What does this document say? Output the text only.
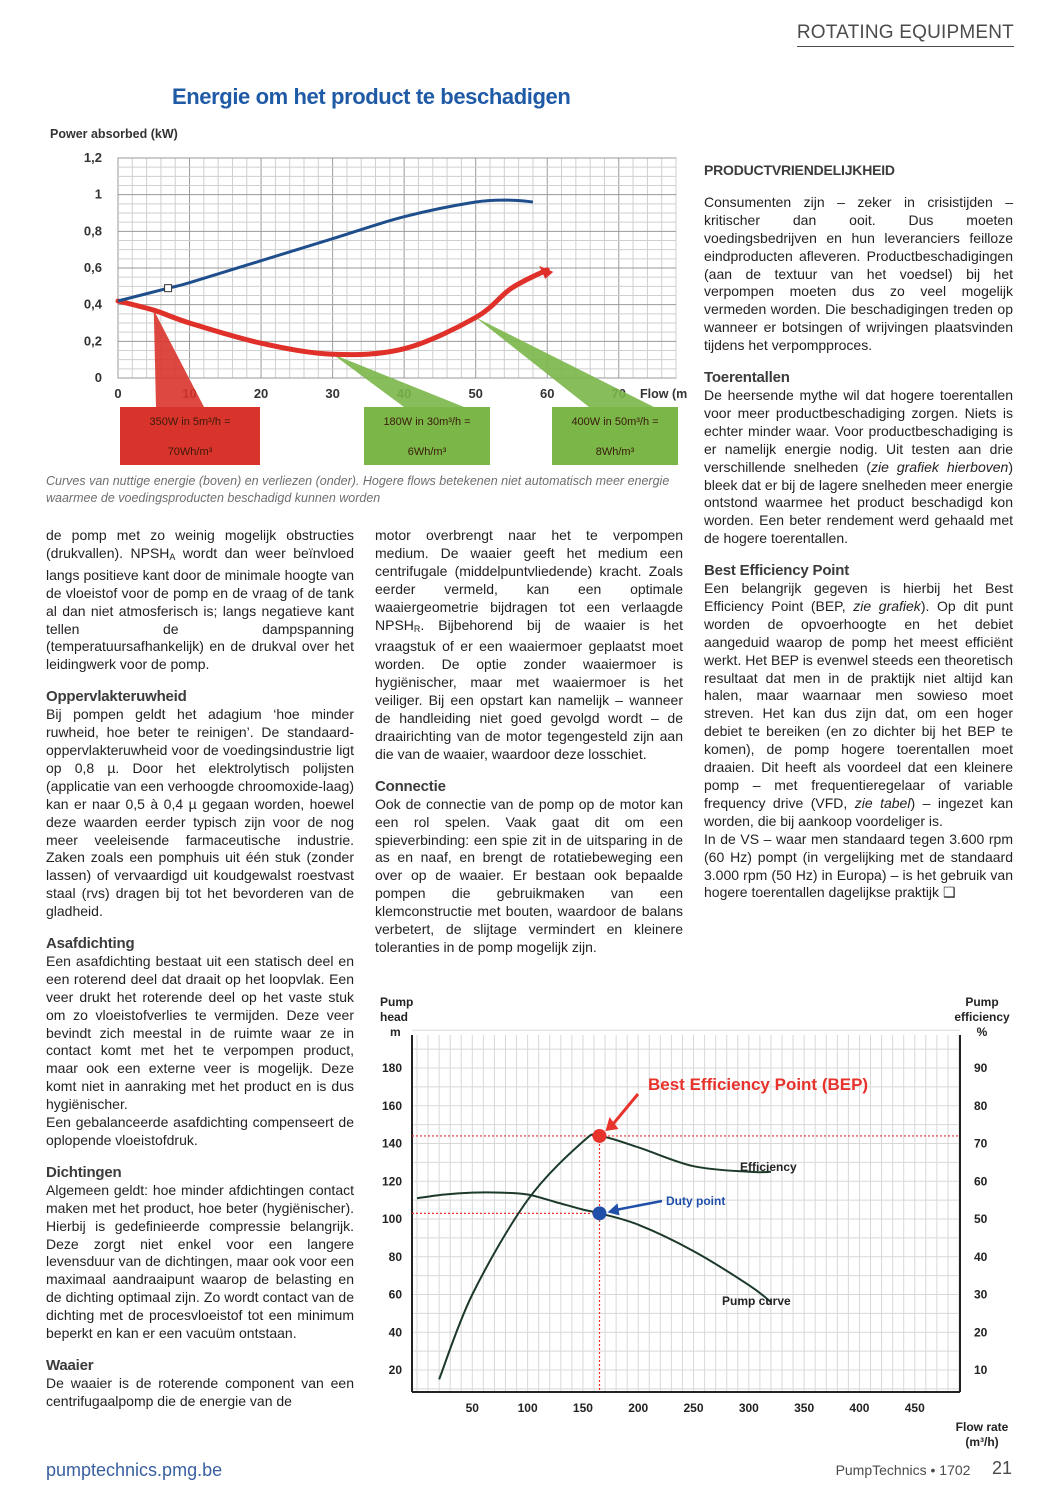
ROTATING EQUIPMENT
Energie om het product te beschadigen
Power absorbed (kW)
0
0,2
0,4
0,6
0,8
1
1,2
0	20	30	50	60	Flow (m
350W in 5m³/h =
70Wh/m³
180W in 30m³/h =
6Wh/m³
400W in 50m³/h =
8Wh/m³
Curves van nuttige energie (boven) en verliezen (onder). Hogere flows betekenen niet automatisch meer energie waarmee de voedingsproducten beschadigd kunnen worden

de pomp met zo weinig mogelijk obstructies (drukvallen). $NPSH_A$ wordt dan weer beïnvloed langs positieve kant door de minimale hoogte van de vloeistof voor de pomp en de vraag of de tank al dan niet atmosferisch is; langs negatieve kant tellen de dampspanning (temperatuursafhankelijk) en de drukval over het leidingwerk voor de pomp.

Oppervlakteruwheid

Bij pompen geldt het adagium ‘hoe minder ruwheid, hoe beter te reinigen’. De standaard-oppervlakteruwheid voor de voedingsindustrie ligt op 0,8 µ. Door het elektrolytisch polijsten (applicatie van een verhoogde chroomoxide-laag) kan er naar 0,5 à 0,4 µ gegaan worden, hoewel deze waarden eerder typisch zijn voor de nog meer veeleisende farmaceutische industrie. Zaken zoals een pomphuis uit één stuk (zonder lassen) of vervaardigd uit koudgewalst roestvast staal (rvs) dragen bij tot het bevorderen van de gladheid.

Asafdichting

Een asafdichting bestaat uit een statisch deel en een roterend deel dat draait op het loopvlak. Een veer drukt het roterende deel op het vaste stuk om zo vloeistofverlies te vermijden. Deze veer bevindt zich meestal in de ruimte waar ze in contact komt met het te verpompen product, maar ook een externe veer is mogelijk. Deze komt niet in aanraking met het product en is dus hygiënischer.

Een gebalanceerde asafdichting compenseert de oplopende vloeistofdruk.

Dichtingen

Algemeen geldt: hoe minder afdichtingen contact maken met het product, hoe beter (hygiënischer). Hierbij is gedefinieerde compressie belangrijk. Deze zorgt niet enkel voor een langere levensduur van de dichtingen, maar ook voor een maximaal aandraaipunt waarop de belasting en de dichting optimaal zijn. Zo wordt contact van de dichting met de procesvloeistof tot een minimum beperkt en kan er een vacuüm ontstaan.

Waaier

De waaier is de roterende component van een centrifugaalpomp die de energie van de

motor overbrengt naar het te verpompen medium. De waaier geeft het medium een centrifugale (middelpuntvliedende) kracht. Zoals eerder vermeld, kan een optimale waaiergeometrie bijdragen tot een verlaagde $NPSH_R$. Bijbehorend bij de waaier is het vraagstuk of er een waaiermoer geplaatst moet worden. De optie zonder waaiermoer is hygiënischer, maar met waaiermoer is het veiliger. Bij een opstart kan namelijk – wanneer de handleiding niet goed gevolgd wordt – de draairichting van de motor tegengesteld zijn aan die van de waaier, waardoor deze losschiet.

Connectie

Ook de connectie van de pomp op de motor kan een rol spelen. Vaak gaat dit om een spieverbinding: een spie zit in de uitsparing in de as en naaf, en brengt de rotatiebeweging een over op de waaier. Er bestaan ook bepaalde pompen die gebruikmaken van een klemconstructie met bouten, waardoor de balans verbetert, de slijtage vermindert en kleinere toleranties in de pomp mogelijk zijn.

PRODUCTVRIENDELIJKHEID

Consumenten zijn – zeker in crisistijden – kritischer dan ooit. Dus moeten voedingsbedrijven en hun leveranciers feilloze eindproducten afleveren. Productbeschadigingen (aan de textuur van het voedsel) bij het verpompen moeten dus zo veel mogelijk vermeden worden. Die beschadigingen treden op wanneer er botsingen of wrijvingen plaatsvinden tijdens het verpompproces.

Toerentallen

De heersende mythe wil dat hogere toerentallen voor meer productbeschadiging zorgen. Niets is echter minder waar. Voor productbeschadiging is er namelijk energie nodig. Uit testen aan drie verschillende snelheden (zie grafiek hierboven) bleek dat er bij de lagere snelheden meer energie ontstond waarmee het product beschadigd kon worden. Een beter rendement werd gehaald met de hogere toerentallen.

Best Efficiency Point

Een belangrijk gegeven is hierbij het Best Efficiency Point (BEP, zie grafiek). Op dit punt worden de opvoerhoogte en het debiet aangeduid waarop de pomp het meest efficiënt werkt. Het BEP is evenwel steeds een theoretisch resultaat dat men in de praktijk niet altijd kan halen, maar waarnaar men sowieso moet streven. Het kan dus zijn dat, om een hoger debiet te bereiken (en zo dichter bij het BEP te komen), de pomp hogere toerentallen moet draaien. Dit heeft als voordeel dat een kleinere pomp – met frequentieregelaar of variable frequency drive (VFD, zie tabel) – ingezet kan worden, die bij aankoop voordeliger is.

In de VS – waar men standaard tegen 3.600 rpm (60 Hz) pompt (in vergelijking met de standaard 3.000 rpm (50 Hz) in Europa) – is het gebruik van hogere toerentallen dagelijkse praktijk ❑

Pump
head
m
Pump
efficiency
%
20
40
60
80
100
120
140
160
180
10
20
30
40
50
60
70
80
90
50	100	150	200	250	300	350	400	450
Flow rate
(m³/h)
Best Efficiency Point (BEP)
Duty point
Efficiency
Pump curve
pumptechnics.pmg.be	PumpTechnics • 1702	21
